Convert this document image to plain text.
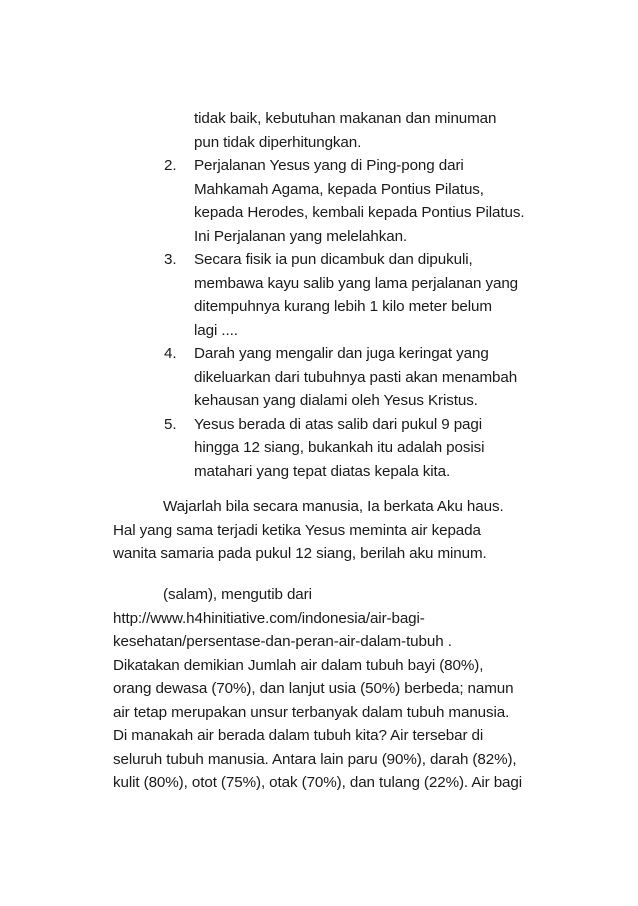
tidak baik, kebutuhan makanan dan minuman
pun tidak diperhitungkan.
2. Perjalanan Yesus yang di Ping-pong dari
Mahkamah Agama, kepada Pontius Pilatus,
kepada Herodes, kembali kepada Pontius Pilatus.
Ini Perjalanan yang melelahkan.
3. Secara fisik ia pun dicambuk dan dipukuli,
membawa kayu salib yang lama perjalanan yang
ditempuhnya kurang lebih 1 kilo meter belum
lagi ....
4. Darah yang mengalir dan juga keringat yang
dikeluarkan dari tubuhnya pasti akan menambah
kehausan yang dialami oleh Yesus Kristus.
5. Yesus berada di atas salib dari pukul 9 pagi
hingga 12 siang, bukankah itu adalah posisi
matahari yang tepat diatas kepala kita.
Wajarlah bila secara manusia, Ia berkata Aku haus.
Hal yang sama terjadi ketika Yesus meminta air kepada
wanita samaria pada pukul 12 siang, berilah aku minum.
(salam), mengutib dari
http://www.h4hinitiative.com/indonesia/air-bagi-
kesehatan/persentase-dan-peran-air-dalam-tubuh .
Dikatakan demikian Jumlah air dalam tubuh bayi (80%),
orang dewasa (70%), dan lanjut usia (50%) berbeda; namun
air tetap merupakan unsur terbanyak dalam tubuh manusia.
Di manakah air berada dalam tubuh kita? Air tersebar di
seluruh tubuh manusia. Antara lain paru (90%), darah (82%),
kulit (80%), otot (75%), otak (70%), dan tulang (22%). Air bagi
